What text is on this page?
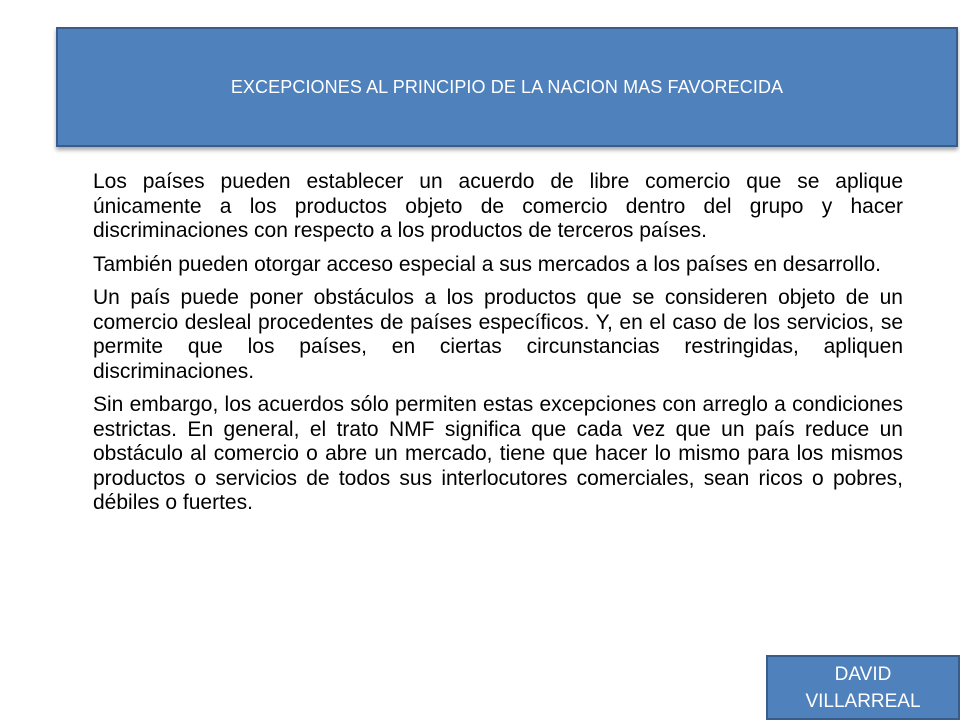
EXCEPCIONES AL PRINCIPIO DE LA NACION MAS FAVORECIDA

Los países pueden establecer un acuerdo de libre comercio que se aplique únicamente a los productos objeto de comercio dentro del grupo y hacer discriminaciones con respecto a los productos de terceros países.

También pueden otorgar acceso especial a sus mercados a los países en desarrollo.

Un país puede poner obstáculos a los productos que se consideren objeto de un comercio desleal procedentes de países específicos. Y, en el caso de los servicios, se permite que los países, en ciertas circunstancias restringidas, apliquen discriminaciones.

Sin embargo, los acuerdos sólo permiten estas excepciones con arreglo a condiciones estrictas. En general, el trato NMF significa que cada vez que un país reduce un obstáculo al comercio o abre un mercado, tiene que hacer lo mismo para los mismos productos o servicios de todos sus interlocutores comerciales, sean ricos o pobres, débiles o fuertes.

DAVID
VILLARREAL
